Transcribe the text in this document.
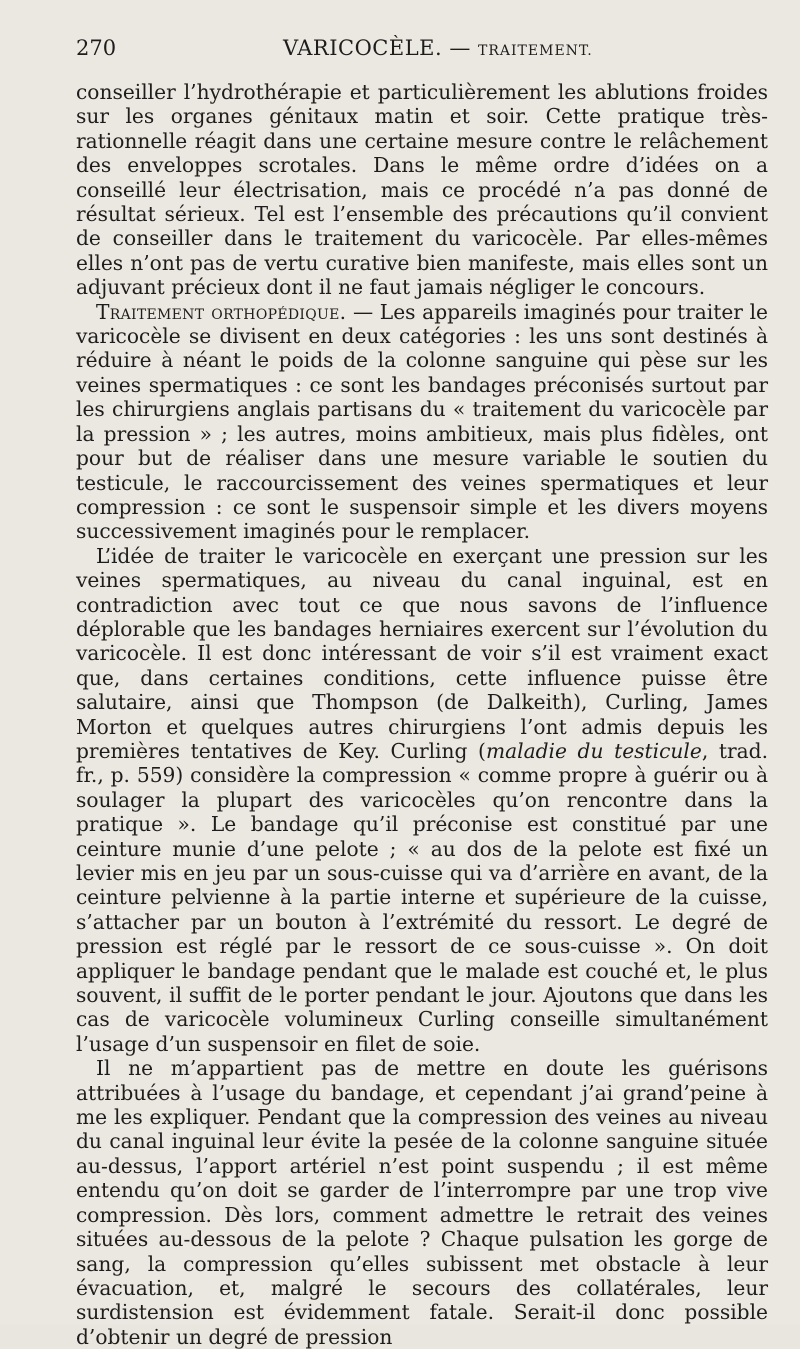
270	VARICOCÈLE. — TRAITEMENT.

conseiller l’hydrothérapie et particulièrement les ablutions froides sur les organes génitaux matin et soir. Cette pratique très-rationnelle réagit dans une certaine mesure contre le relâchement des enveloppes scrotales. Dans le même ordre d’idées on a conseillé leur électrisation, mais ce procédé n’a pas donné de résultat sérieux. Tel est l’ensemble des précautions qu’il convient de conseiller dans le traitement du varicocèle. Par elles-mêmes elles n’ont pas de vertu curative bien manifeste, mais elles sont un adjuvant précieux dont il ne faut jamais négliger le concours.

Traitement orthopédique. — Les appareils imaginés pour traiter le varicocèle se divisent en deux catégories : les uns sont destinés à réduire à néant le poids de la colonne sanguine qui pèse sur les veines spermatiques : ce sont les bandages préconisés surtout par les chirurgiens anglais partisans du « traitement du varicocèle par la pression » ; les autres, moins ambitieux, mais plus fidèles, ont pour but de réaliser dans une mesure variable le soutien du testicule, le raccourcissement des veines spermatiques et leur compression : ce sont le suspensoir simple et les divers moyens successivement imaginés pour le remplacer.

L’idée de traiter le varicocèle en exerçant une pression sur les veines spermatiques, au niveau du canal inguinal, est en contradiction avec tout ce que nous savons de l’influence déplorable que les bandages herniaires exercent sur l’évolution du varicocèle. Il est donc intéressant de voir s’il est vraiment exact que, dans certaines conditions, cette influence puisse être salutaire, ainsi que Thompson (de Dalkeith), Curling, James Morton et quelques autres chirurgiens l’ont admis depuis les premières tentatives de Key. Curling (maladie du testicule, trad. fr., p. 559) considère la compression « comme propre à guérir ou à soulager la plupart des varicocèles qu’on rencontre dans la pratique ». Le bandage qu’il préconise est constitué par une ceinture munie d’une pelote ; « au dos de la pelote est fixé un levier mis en jeu par un sous-cuisse qui va d’arrière en avant, de la ceinture pelvienne à la partie interne et supérieure de la cuisse, s’attacher par un bouton à l’extrémité du ressort. Le degré de pression est réglé par le ressort de ce sous-cuisse ». On doit appliquer le bandage pendant que le malade est couché et, le plus souvent, il suffit de le porter pendant le jour. Ajoutons que dans les cas de varicocèle volumineux Curling conseille simultanément l’usage d’un suspensoir en filet de soie.

Il ne m’appartient pas de mettre en doute les guérisons attribuées à l’usage du bandage, et cependant j’ai grand’peine à me les expliquer. Pendant que la compression des veines au niveau du canal inguinal leur évite la pesée de la colonne sanguine située au-dessus, l’apport artériel n’est point suspendu ; il est même entendu qu’on doit se garder de l’interrompre par une trop vive compression. Dès lors, comment admettre le retrait des veines situées au-dessous de la pelote ? Chaque pulsation les gorge de sang, la compression qu’elles subissent met obstacle à leur évacuation, et, malgré le secours des collatérales, leur surdistension est évidemment fatale. Serait-il donc possible d’obtenir un degré de pression
